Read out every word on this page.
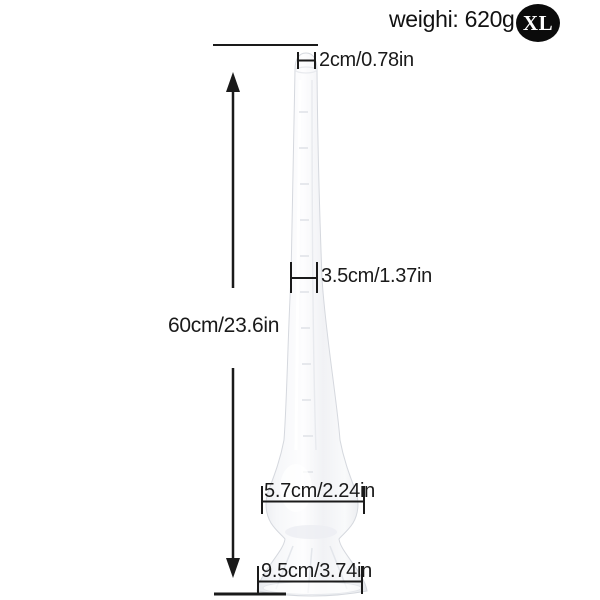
weighi: 620g XL
2cm/0.78in
3.5cm/1.37in
60cm/23.6in
5.7cm/2.24in
9.5cm/3.74in
